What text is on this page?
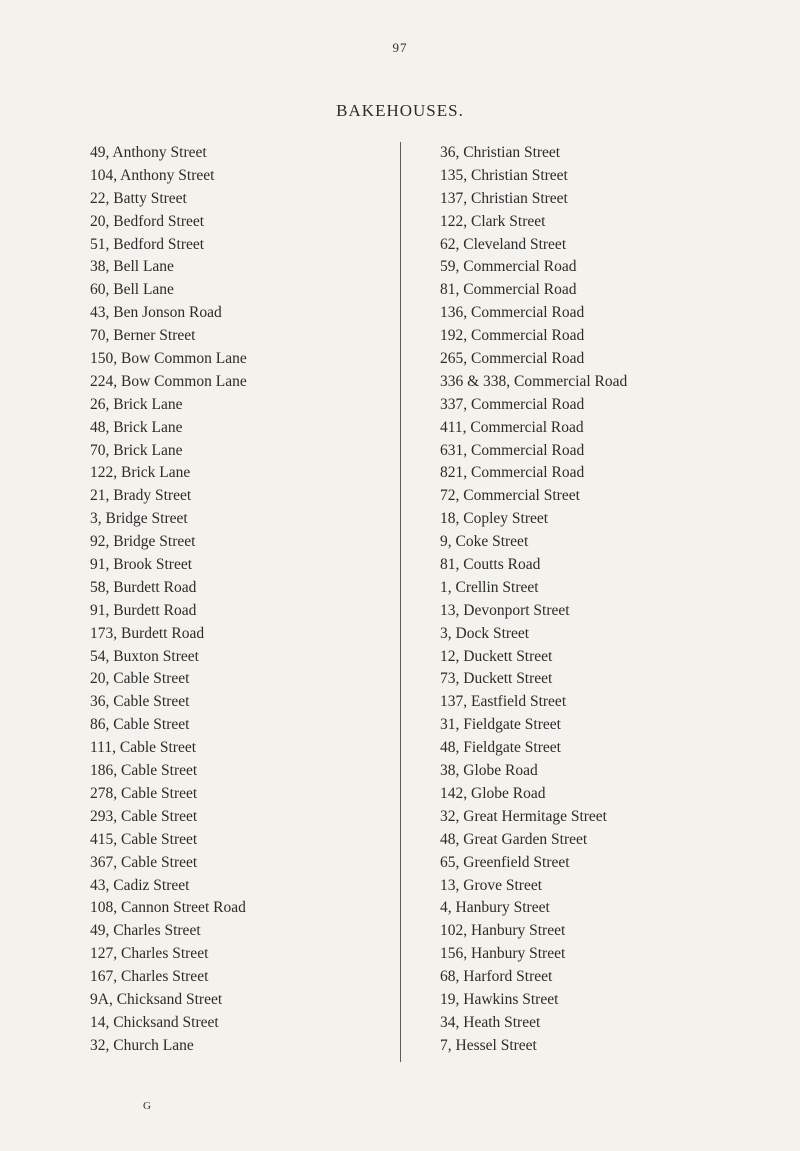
97
BAKEHOUSES.
49, Anthony Street
104, Anthony Street
22, Batty Street
20, Bedford Street
51, Bedford Street
38, Bell Lane
60, Bell Lane
43, Ben Jonson Road
70, Berner Street
150, Bow Common Lane
224, Bow Common Lane
26, Brick Lane
48, Brick Lane
70, Brick Lane
122, Brick Lane
21, Brady Street
3, Bridge Street
92, Bridge Street
91, Brook Street
58, Burdett Road
91, Burdett Road
173, Burdett Road
54, Buxton Street
20, Cable Street
36, Cable Street
86, Cable Street
111, Cable Street
186, Cable Street
278, Cable Street
293, Cable Street
415, Cable Street
367, Cable Street
43, Cadiz Street
108, Cannon Street Road
49, Charles Street
127, Charles Street
167, Charles Street
9A, Chicksand Street
14, Chicksand Street
32, Church Lane
36, Christian Street
135, Christian Street
137, Christian Street
122, Clark Street
62, Cleveland Street
59, Commercial Road
81, Commercial Road
136, Commercial Road
192, Commercial Road
265, Commercial Road
336 & 338, Commercial Road
337, Commercial Road
411, Commercial Road
631, Commercial Road
821, Commercial Road
72, Commercial Street
18, Copley Street
9, Coke Street
81, Coutts Road
1, Crellin Street
13, Devonport Street
3, Dock Street
12, Duckett Street
73, Duckett Street
137, Eastfield Street
31, Fieldgate Street
48, Fieldgate Street
38, Globe Road
142, Globe Road
32, Great Hermitage Street
48, Great Garden Street
65, Greenfield Street
13, Grove Street
4, Hanbury Street
102, Hanbury Street
156, Hanbury Street
68, Harford Street
19, Hawkins Street
34, Heath Street
7, Hessel Street
G
